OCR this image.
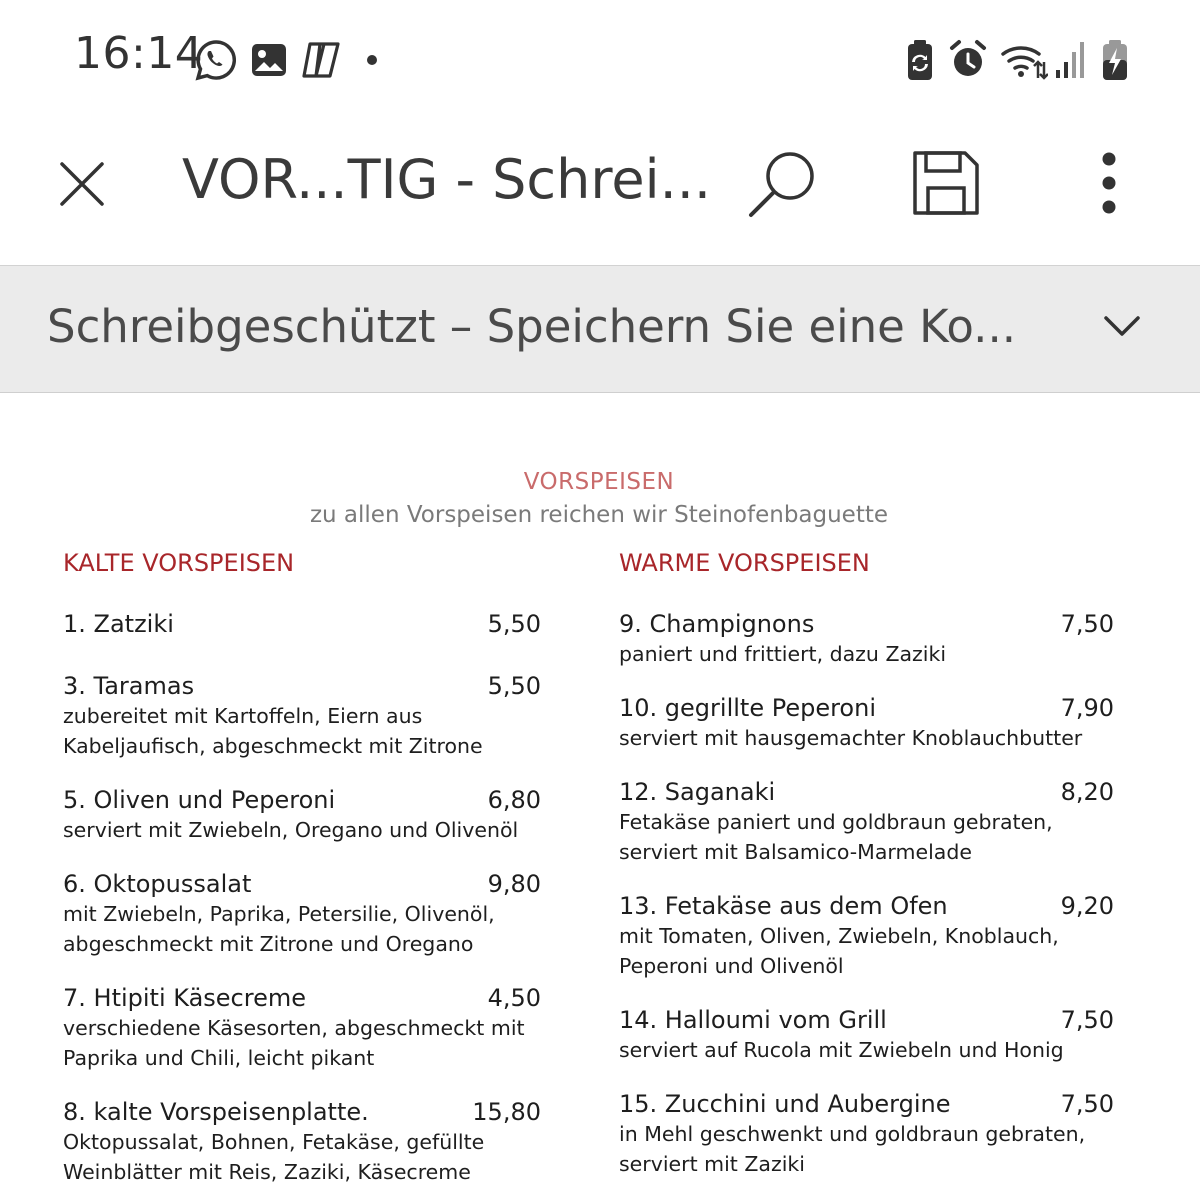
16:14
VOR...TIG - Schrei...
Schreibgeschützt – Speichern Sie eine Ko...
VORSPEISEN
zu allen Vorspeisen reichen wir Steinofenbaguette
KALTE VORSPEISEN
1. Zatziki	5,50
3. Taramas	5,50
zubereitet mit Kartoffeln, Eiern aus
Kabeljaufisch, abgeschmeckt mit Zitrone
5. Oliven und Peperoni	6,80
serviert mit Zwiebeln, Oregano und Olivenöl
6. Oktopussalat	9,80
mit Zwiebeln, Paprika, Petersilie, Olivenöl,
abgeschmeckt mit Zitrone und Oregano
7. Htipiti Käsecreme	4,50
verschiedene Käsesorten, abgeschmeckt mit
Paprika und Chili, leicht pikant
8. kalte Vorspeisenplatte.	15,80
Oktopussalat, Bohnen, Fetakäse, gefüllte
Weinblätter mit Reis, Zaziki, Käsecreme
WARME VORSPEISEN
9. Champignons	7,50
paniert und frittiert, dazu Zaziki
10. gegrillte Peperoni	7,90
serviert mit hausgemachter Knoblauchbutter
12. Saganaki	8,20
Fetakäse paniert und goldbraun gebraten,
serviert mit Balsamico-Marmelade
13. Fetakäse aus dem Ofen	9,20
mit Tomaten, Oliven, Zwiebeln, Knoblauch,
Peperoni und Olivenöl
14. Halloumi vom Grill	7,50
serviert auf Rucola mit Zwiebeln und Honig
15. Zucchini und Aubergine	7,50
in Mehl geschwenkt und goldbraun gebraten,
serviert mit Zaziki
